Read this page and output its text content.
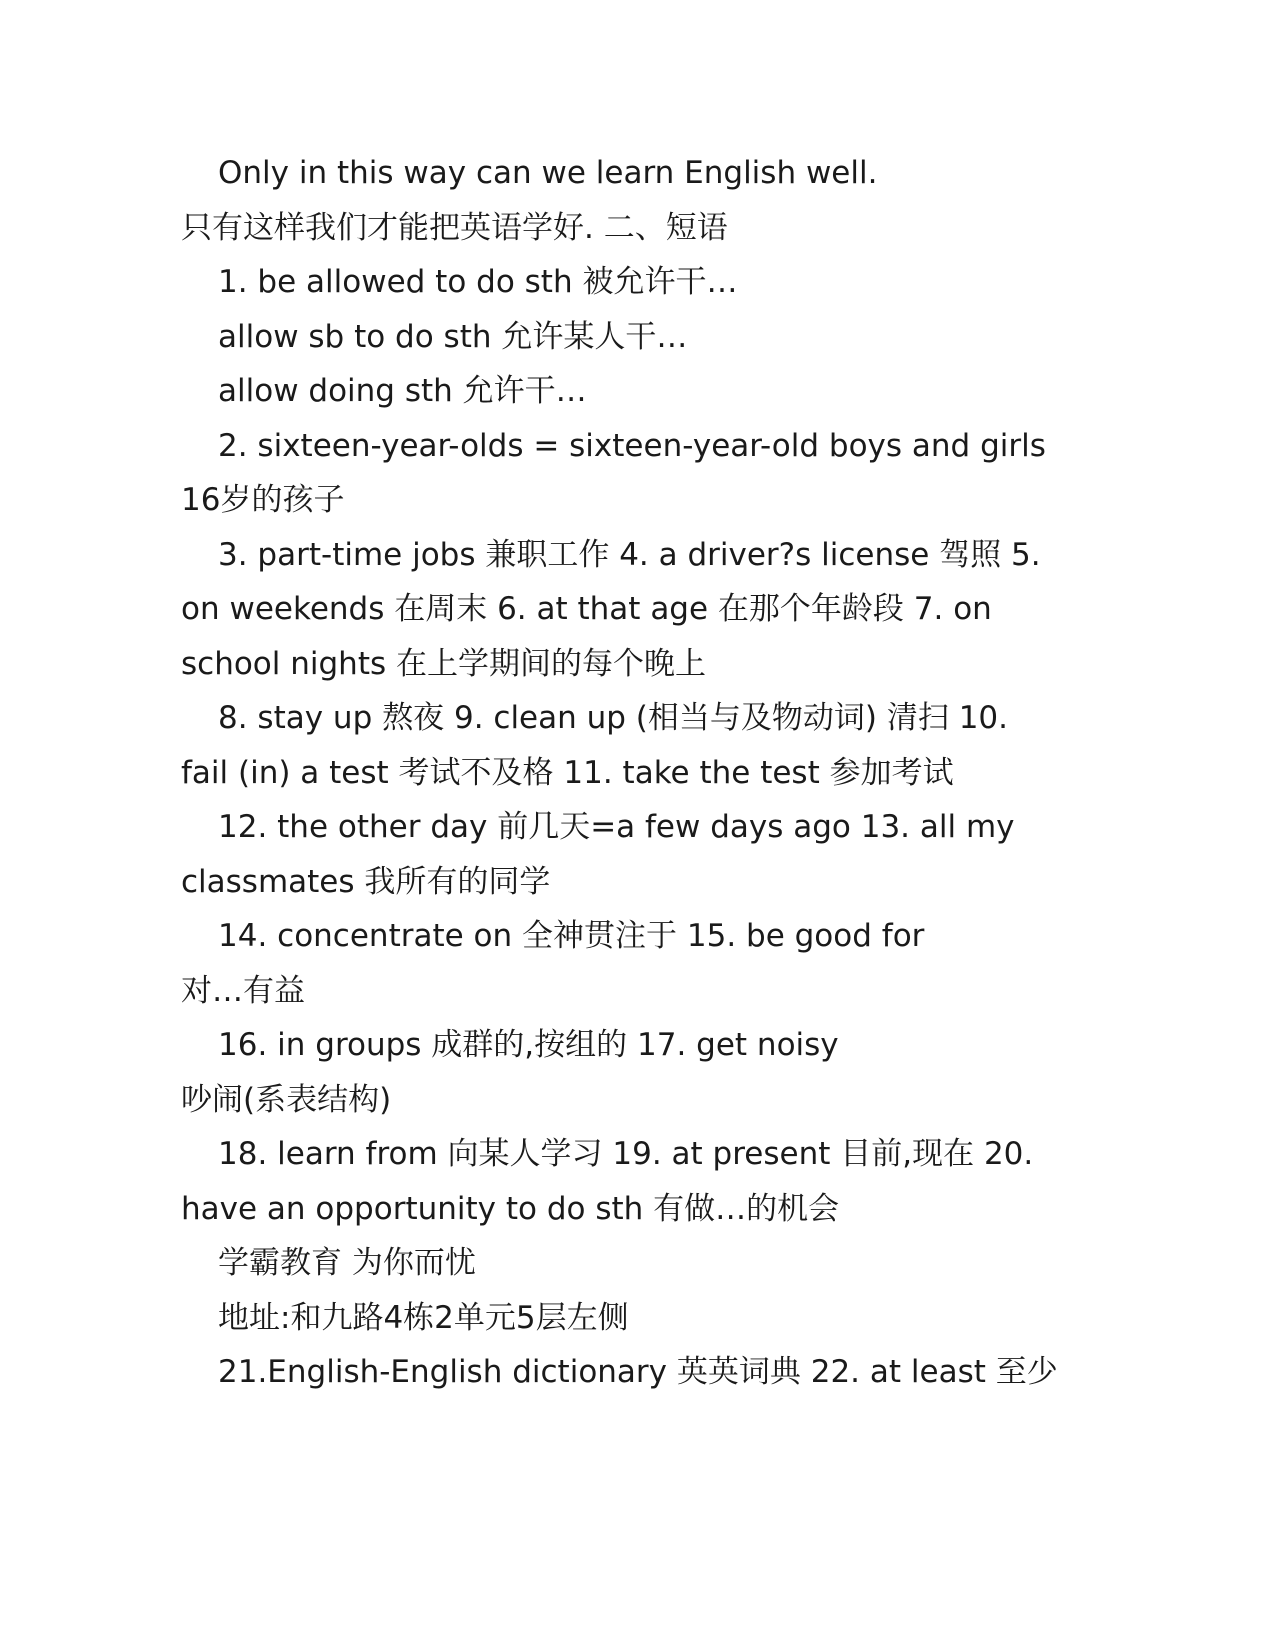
Only in this way can we learn English well.

只有这样我们才能把英语学好. 二、短语

1. be allowed to do sth 被允许干…

allow sb to do sth 允许某人干…

allow doing sth 允许干…

2. sixteen-year-olds = sixteen-year-old boys and girls

16岁的孩子

3. part-time jobs 兼职工作 4. a driver?s license 驾照 5.

on weekends 在周末 6. at that age 在那个年龄段 7. on

school nights 在上学期间的每个晚上

8. stay up 熬夜 9. clean up (相当与及物动词) 清扫 10.

fail (in) a test 考试不及格 11. take the test 参加考试

12. the other day 前几天=a few days ago 13. all my

classmates 我所有的同学

14. concentrate on 全神贯注于 15. be good for

对…有益

16. in groups 成群的,按组的 17. get noisy

吵闹(系表结构)

18. learn from 向某人学习 19. at present 目前,现在 20.

have an opportunity to do sth 有做…的机会

学霸教育 为你而忧

地址:和九路4栋2单元5层左侧

21.English-English dictionary 英英词典 22. at least 至少
